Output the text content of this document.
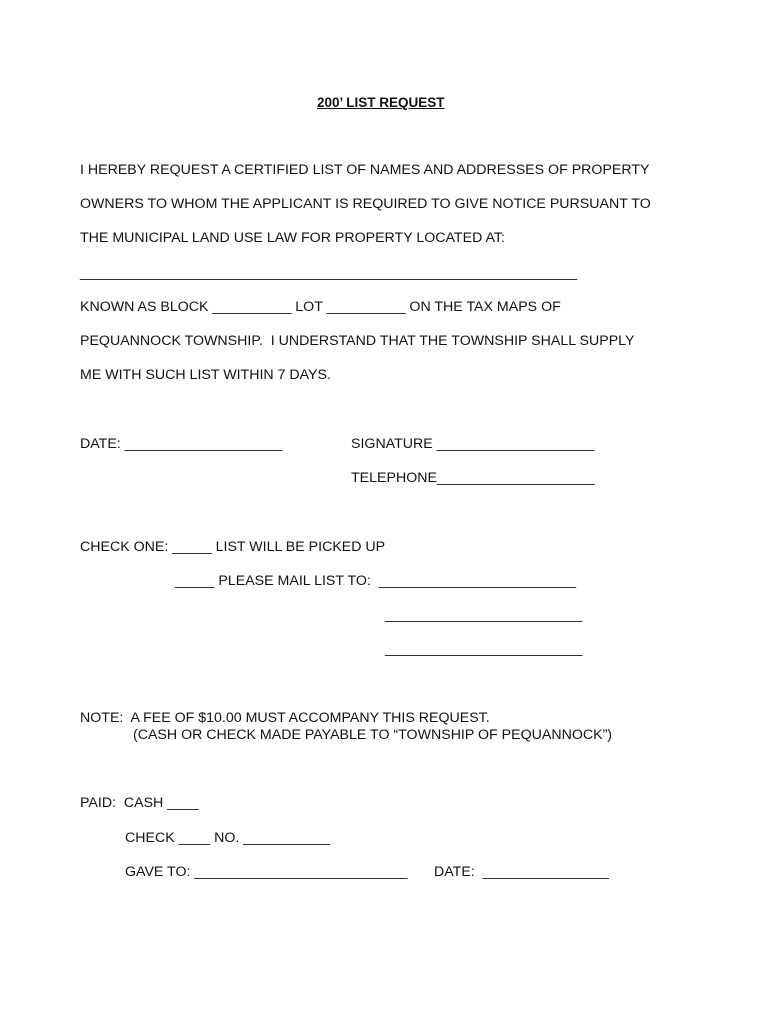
200’ LIST REQUEST
I HEREBY REQUEST A CERTIFIED LIST OF NAMES AND ADDRESSES OF PROPERTY
OWNERS TO WHOM THE APPLICANT IS REQUIRED TO GIVE NOTICE PURSUANT TO
THE MUNICIPAL LAND USE LAW FOR PROPERTY LOCATED AT:
_______________________________________________________________
KNOWN AS BLOCK __________ LOT __________ ON THE TAX MAPS OF
PEQUANNOCK TOWNSHIP.  I UNDERSTAND THAT THE TOWNSHIP SHALL SUPPLY
ME WITH SUCH LIST WITHIN 7 DAYS.
DATE: ____________________	SIGNATURE ____________________
TELEPHONE____________________
CHECK ONE: _____ LIST WILL BE PICKED UP
_____ PLEASE MAIL LIST TO:  _________________________
_________________________
_________________________
NOTE:  A FEE OF $10.00 MUST ACCOMPANY THIS REQUEST.
(CASH OR CHECK MADE PAYABLE TO “TOWNSHIP OF PEQUANNOCK”)
PAID:  CASH ____
CHECK ____ NO. ___________
GAVE TO: ___________________________ DATE:  ________________
